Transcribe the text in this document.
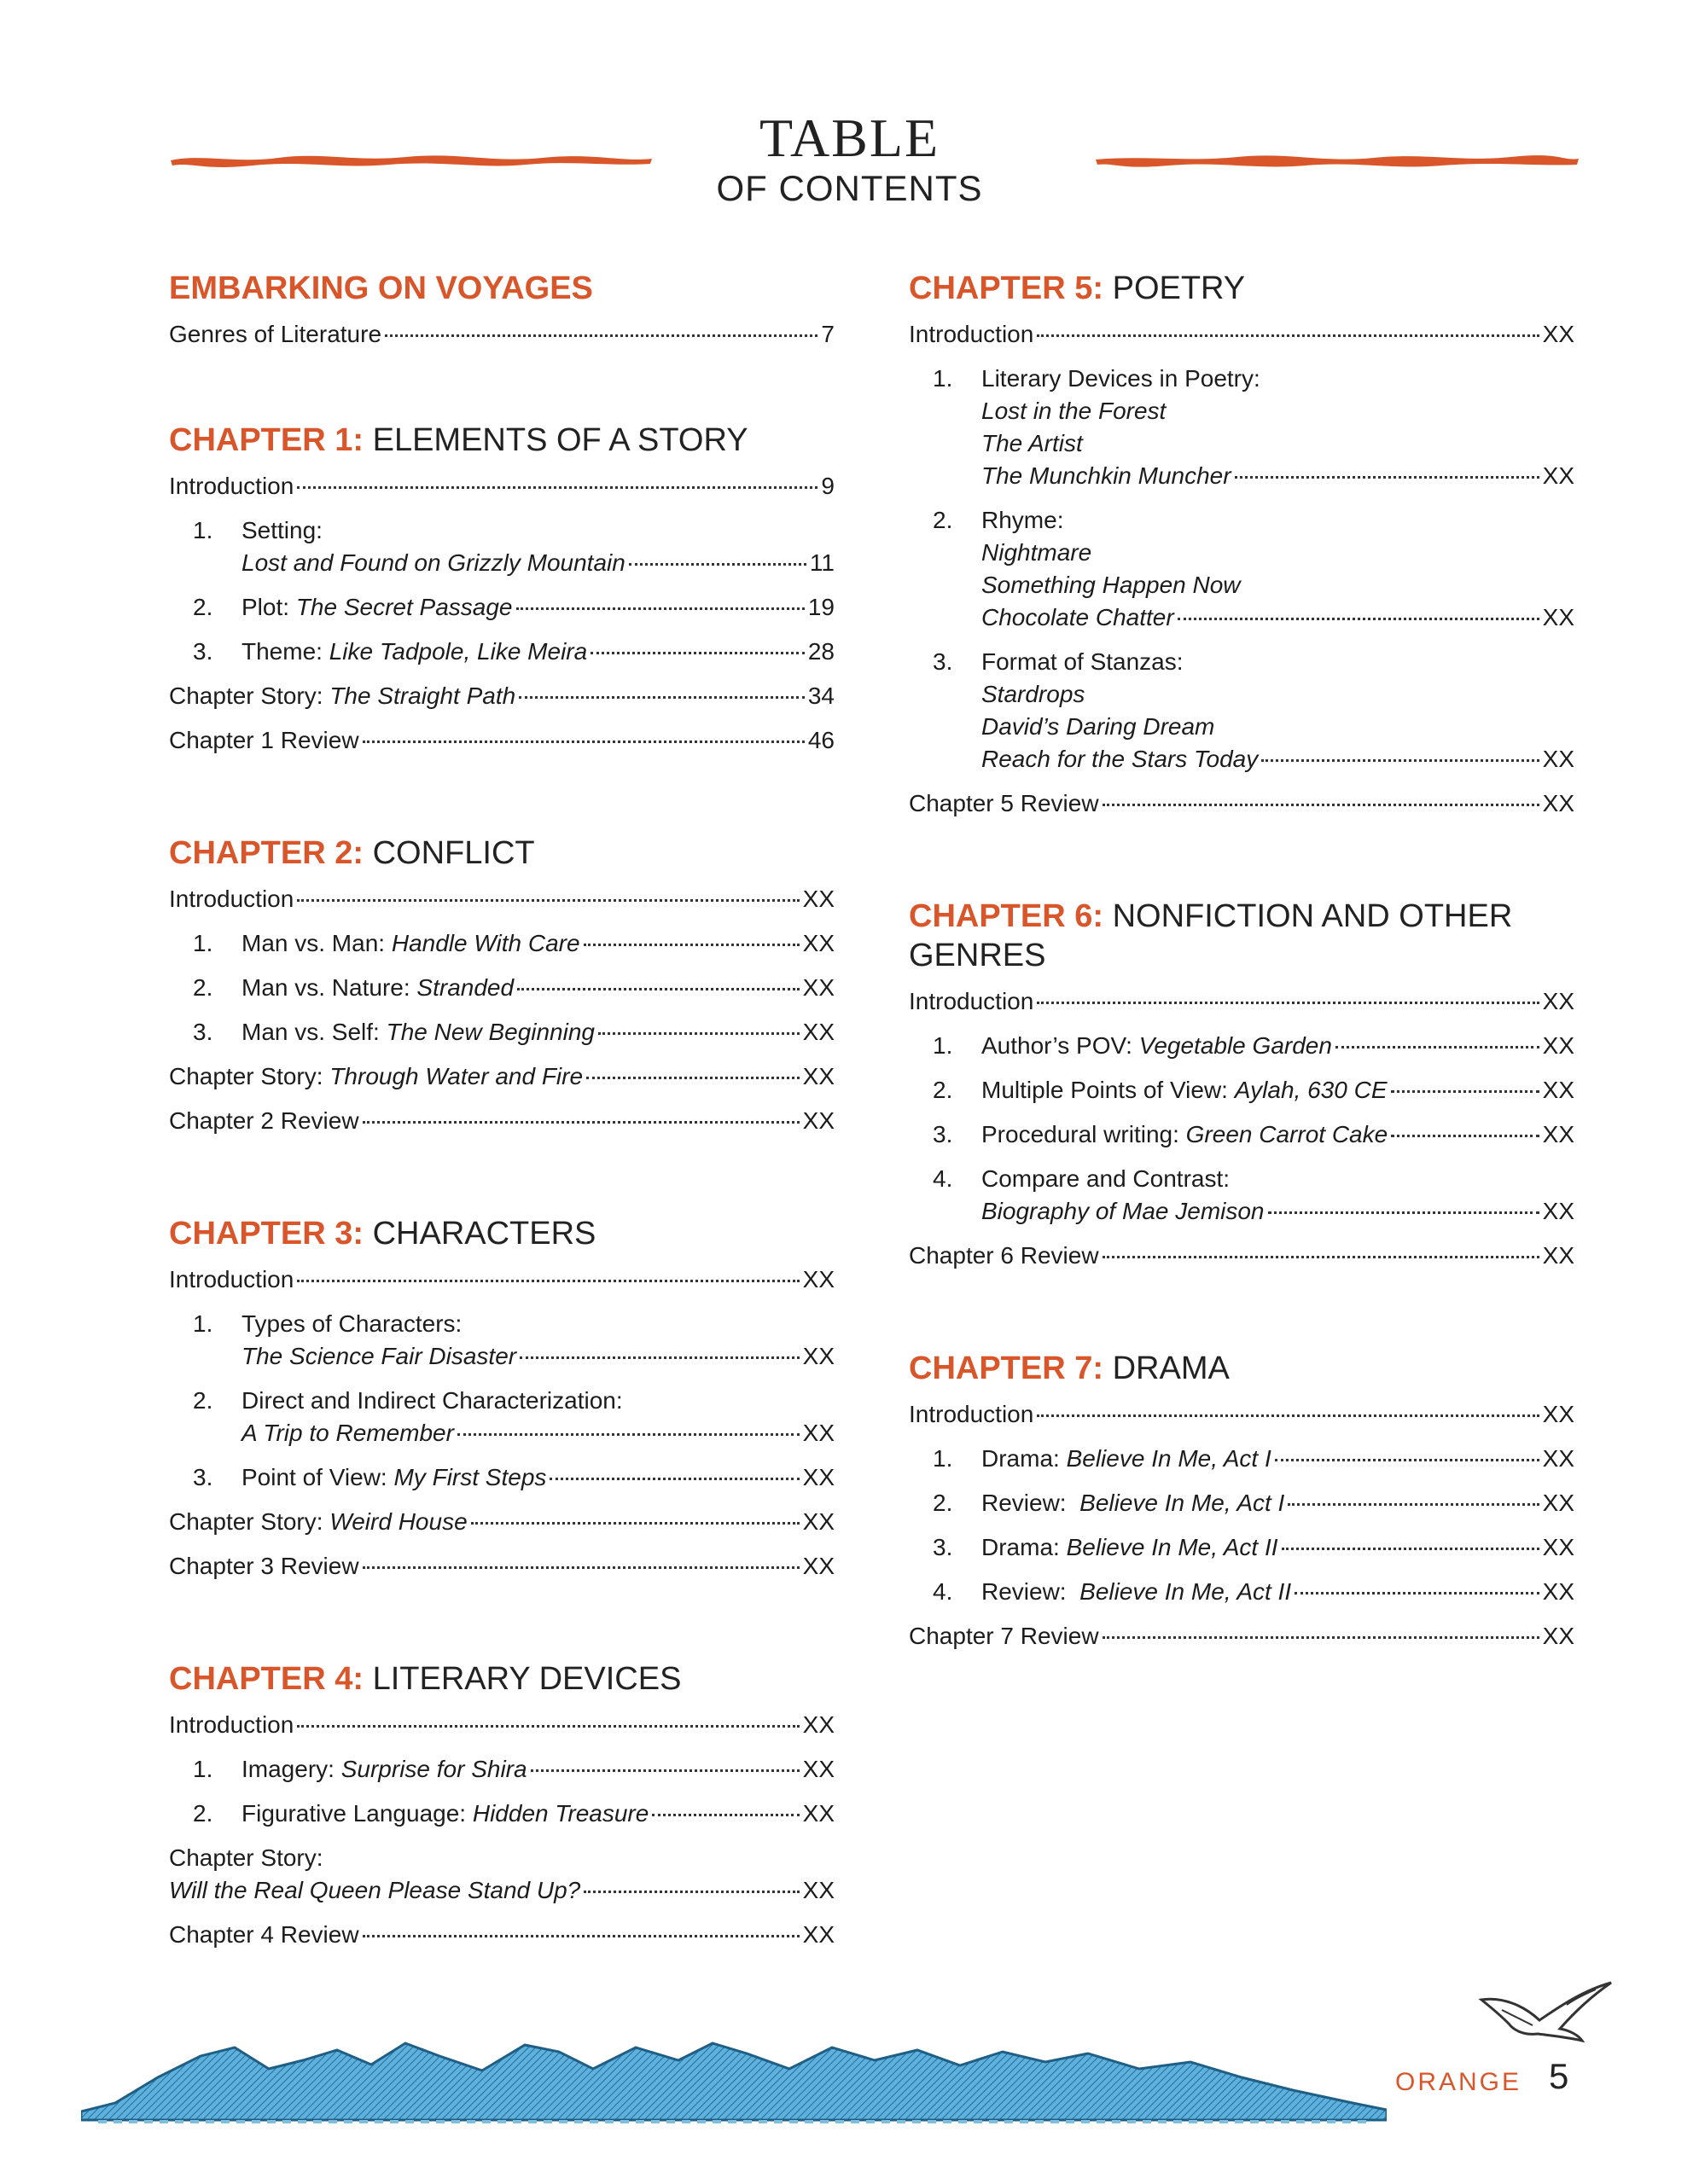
TABLE
OF CONTENTS
EMBARKING ON VOYAGES
Genres of Literature	7
CHAPTER 1: ELEMENTS OF A STORY
Introduction	9
1. Setting:
Lost and Found on Grizzly Mountain	11
2. Plot: The Secret Passage	19
3. Theme: Like Tadpole, Like Meira	28
Chapter Story: The Straight Path	34
Chapter 1 Review	46
CHAPTER 2: CONFLICT
Introduction	XX
1. Man vs. Man: Handle With Care	XX
2. Man vs. Nature: Stranded	XX
3. Man vs. Self: The New Beginning	XX
Chapter Story: Through Water and Fire	XX
Chapter 2 Review	XX
CHAPTER 3: CHARACTERS
Introduction	XX
1. Types of Characters:
The Science Fair Disaster	XX
2. Direct and Indirect Characterization:
A Trip to Remember	XX
3. Point of View: My First Steps	XX
Chapter Story: Weird House	XX
Chapter 3 Review	XX
CHAPTER 4: LITERARY DEVICES
Introduction	XX
1. Imagery: Surprise for Shira	XX
2. Figurative Language: Hidden Treasure	XX
Chapter Story:
Will the Real Queen Please Stand Up?	XX
Chapter 4 Review	XX
CHAPTER 5: POETRY
Introduction	XX
1. Literary Devices in Poetry:
Lost in the Forest
The Artist
The Munchkin Muncher	XX
2. Rhyme:
Nightmare
Something Happen Now
Chocolate Chatter	XX
3. Format of Stanzas:
Stardrops
David’s Daring Dream
Reach for the Stars Today	XX
Chapter 5 Review	XX
CHAPTER 6: NONFICTION AND OTHER GENRES
Introduction	XX
1. Author’s POV: Vegetable Garden	XX
2. Multiple Points of View: Aylah, 630 CE	XX
3. Procedural writing: Green Carrot Cake	XX
4. Compare and Contrast:
Biography of Mae Jemison	XX
Chapter 6 Review	XX
CHAPTER 7: DRAMA
Introduction	XX
1. Drama: Believe In Me, Act I	XX
2. Review: Believe In Me, Act I	XX
3. Drama: Believe In Me, Act II	XX
4. Review: Believe In Me, Act II	XX
Chapter 7 Review	XX
ORANGE 5
